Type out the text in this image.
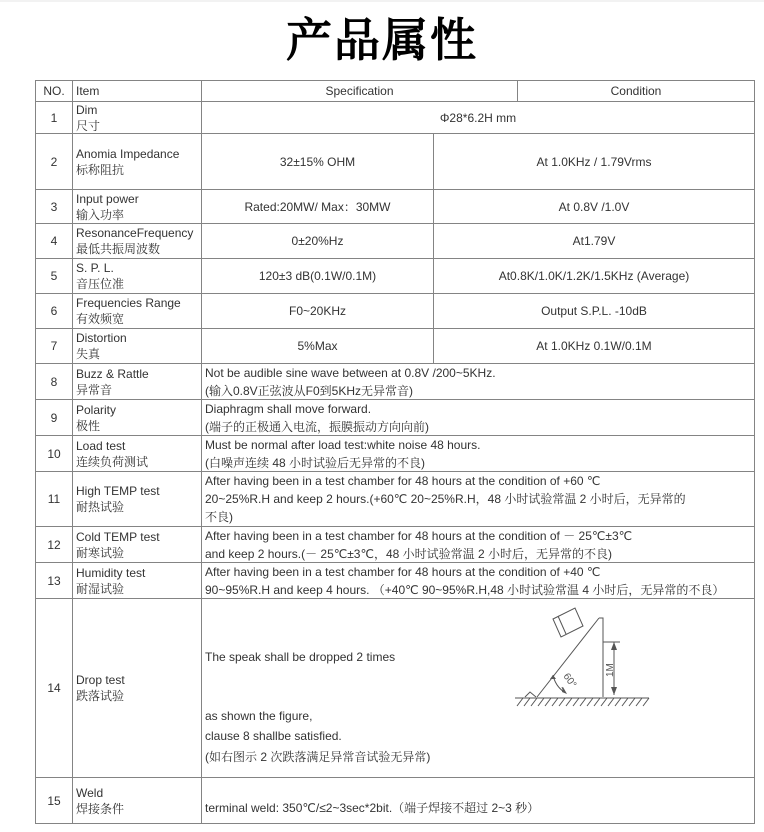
产品属性
NO. Item	Specification	Condition
1
Dim
尺寸
Φ28*6.2H mm
2
Anomia Impedance
标称阻抗
32±15% OHM	At 1.0KHz / 1.79Vrms
3
Input power
输入功率
Rated:20MW/ Max：30MW	At 0.8V /1.0V
4
ResonanceFrequency
最低共振周波数
0±20%Hz	At1.79V
5
S. P. L.
音压位准
120±3 dB(0.1W/0.1M)	At0.8K/1.0K/1.2K/1.5KHz (Average)
6
Frequencies Range
有效频宽
F0~20KHz	Output S.P.L. -10dB
7
Distortion
失真
5%Max	At 1.0KHz 0.1W/0.1M
8
Buzz & Rattle
异常音
Not be audible sine wave between at 0.8V /200~5KHz.
(输入0.8V正弦波从F0到5KHz无异常音)
9
Polarity
极性
Diaphragm shall move forward.
(端子的正极通入电流，振膜振动方向向前)
10
Load test
连续负荷测试
Must be normal after load test:white noise 48 hours.
(白噪声连续 48 小时试验后无异常的不良)
11
High TEMP test
耐热试验
After having been in a test chamber for 48 hours at the condition of +60 ℃
20~25%R.H and keep 2 hours.(+60℃ 20~25%R.H，48 小时试验常温 2 小时后，无异常的
不良)
12
Cold TEMP test
耐寒试验
After having been in a test chamber for 48 hours at the condition of － 25℃±3℃
and keep 2 hours.(－ 25℃±3℃，48 小时试验常温 2 小时后，无异常的不良)
13
Humidity test
耐湿试验
After having been in a test chamber for 48 hours at the condition of +40 ℃
90~95%R.H and keep 4 hours. （+40℃ 90~95%R.H,48 小时试验常温 4 小时后，无异常的不良）
14
Drop test
跌落试验
The speak shall be dropped 2 times
as shown the figure,
clause 8 shallbe satisfied.
(如右图示 2 次跌落满足异常音试验无异常)
1M
60°
15
Weld
焊接条件	terminal weld: 350℃/≤2~3sec*2bit.（端子焊接不超过 2~3 秒）
